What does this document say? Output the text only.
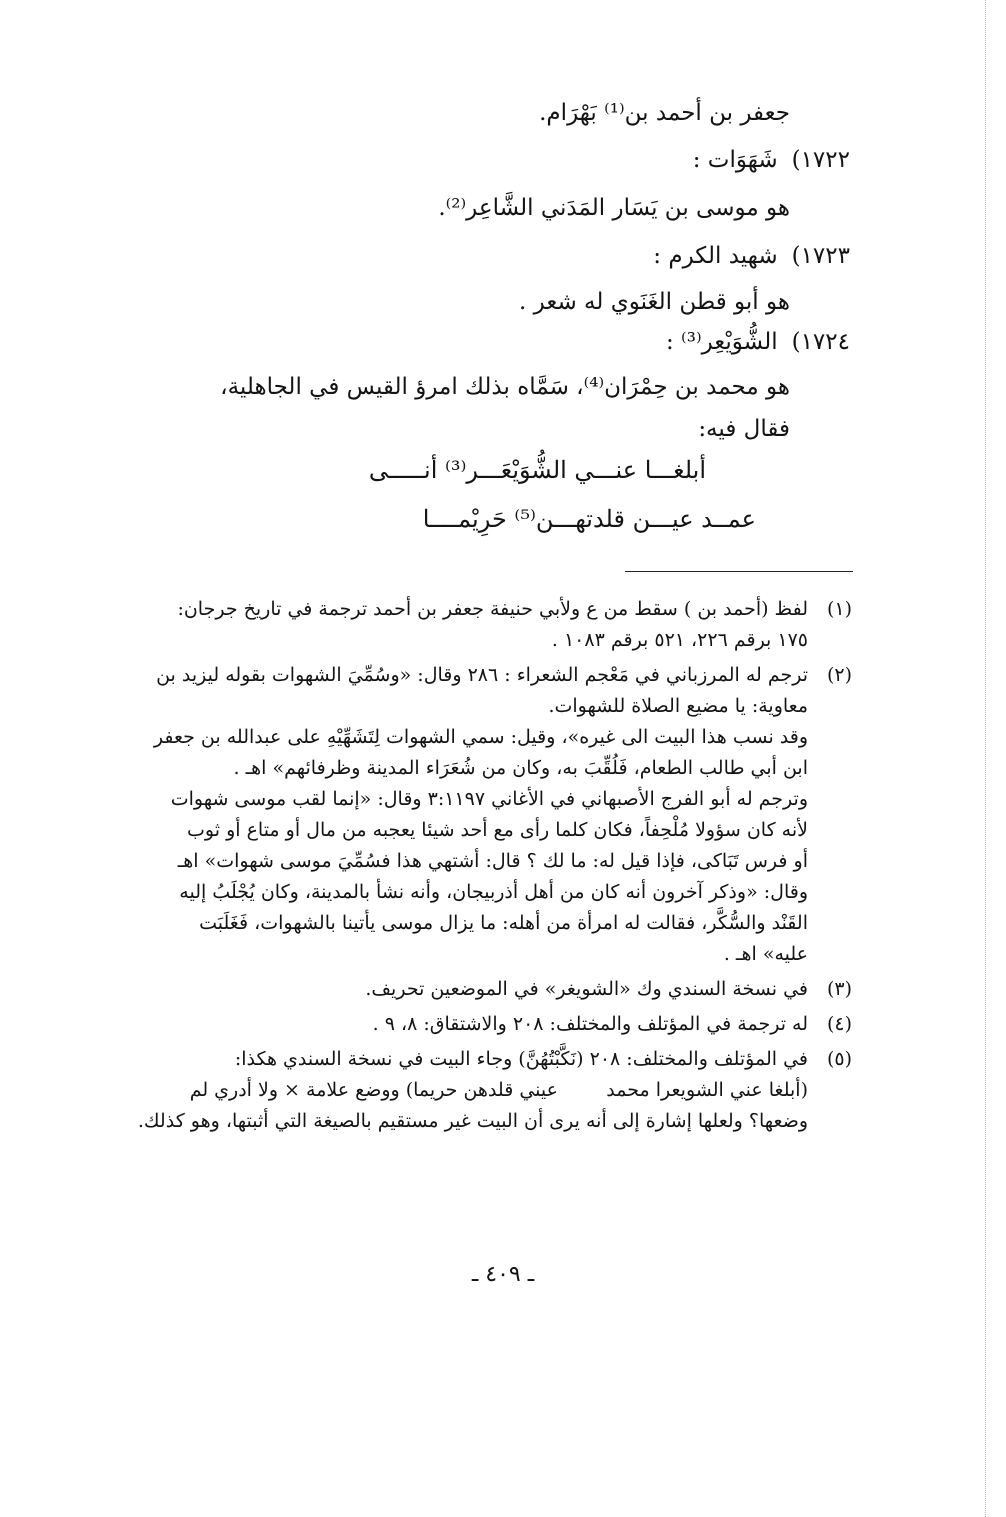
جعفر بن أحمد بن⁽¹⁾ بَهْرَام.
١٧٢٢)شَهَوَات :
هو موسى بن يَسَار المَدَني الشَّاعِر⁽²⁾.
١٧٢٣)شهيد الكرم :
هو أبو قطن الغَنَوي له شعر .
١٧٢٤)الشُّوَيْعِر⁽³⁾ :
هو محمد بن حِمْرَان⁽⁴⁾، سَمَّاه بذلك امرؤ القيس في الجاهلية،
فقال فيه:
أبلغـــا عنـــي الشُّوَيْعَـــر⁽³⁾ أنـــــى
عمــد عيـــن قلدتهـــن⁽⁵⁾ حَرِيْمــــا
(١)
لفظ (أحمد بن ) سقط من ع ولأبي حنيفة جعفر بن أحمد ترجمة في تاريخ جرجان:
١٧٥ برقم ٢٢٦، ٥٢١ برقم ١٠٨٣ .
(٢)
ترجم له المرزباني في مَعْجم الشعراء : ٢٨٦ وقال: «وسُمِّيَ الشهوات بقوله ليزيد بن
معاوية: يا مضيع الصلاة للشهوات.
وقد نسب هذا البيت الى غيره»، وقيل: سمي الشهوات لِتَشَهِّيْهِ على عبدالله بن جعفر
ابن أبي طالب الطعام، فَلُقِّبَ به، وكان من شُعَرَاء المدينة وظرفائهم» اهـ .
وترجم له أبو الفرج الأصبهاني في الأغاني ٣:١١٩٧ وقال: «إنما لقب موسى شهوات
لأنه كان سؤولا مُلْحِفاً، فكان كلما رأى مع أحد شيئا يعجبه من مال أو متاع أو ثوب
أو فرس تَبَاكى، فإذا قيل له: ما لك ؟ قال: أشتهي هذا فسُمِّيَ موسى شهوات» اهـ
وقال: «وذكر آخرون أنه كان من أهل أذربيجان، وأنه نشأ بالمدينة، وكان يُجْلَبُ إليه
القَنْد والسُّكَّر، فقالت له امرأة من أهله: ما يزال موسى يأتينا بالشهوات، فَغَلَبَت
عليه» اهـ .
(٣)
في نسخة السندي وك «الشويغر» في الموضعين تحريف.
(٤)
له ترجمة في المؤتلف والمختلف: ٢٠٨ والاشتقاق: ٨، ٩ .
(٥)
في المؤتلف والمختلف: ٢٠٨ (نَكَّبْتُهُنَّ) وجاء البيت في نسخة السندي هكذا:
(أبلغا عني الشويعرا محمد        عيني قلدهن حريما) ووضع علامة × ولا أدري لم
وضعها؟ ولعلها إشارة إلى أنه يرى أن البيت غير مستقيم بالصيغة التي أثبتها، وهو كذلك.
ـ ٤٠٩ ـ
